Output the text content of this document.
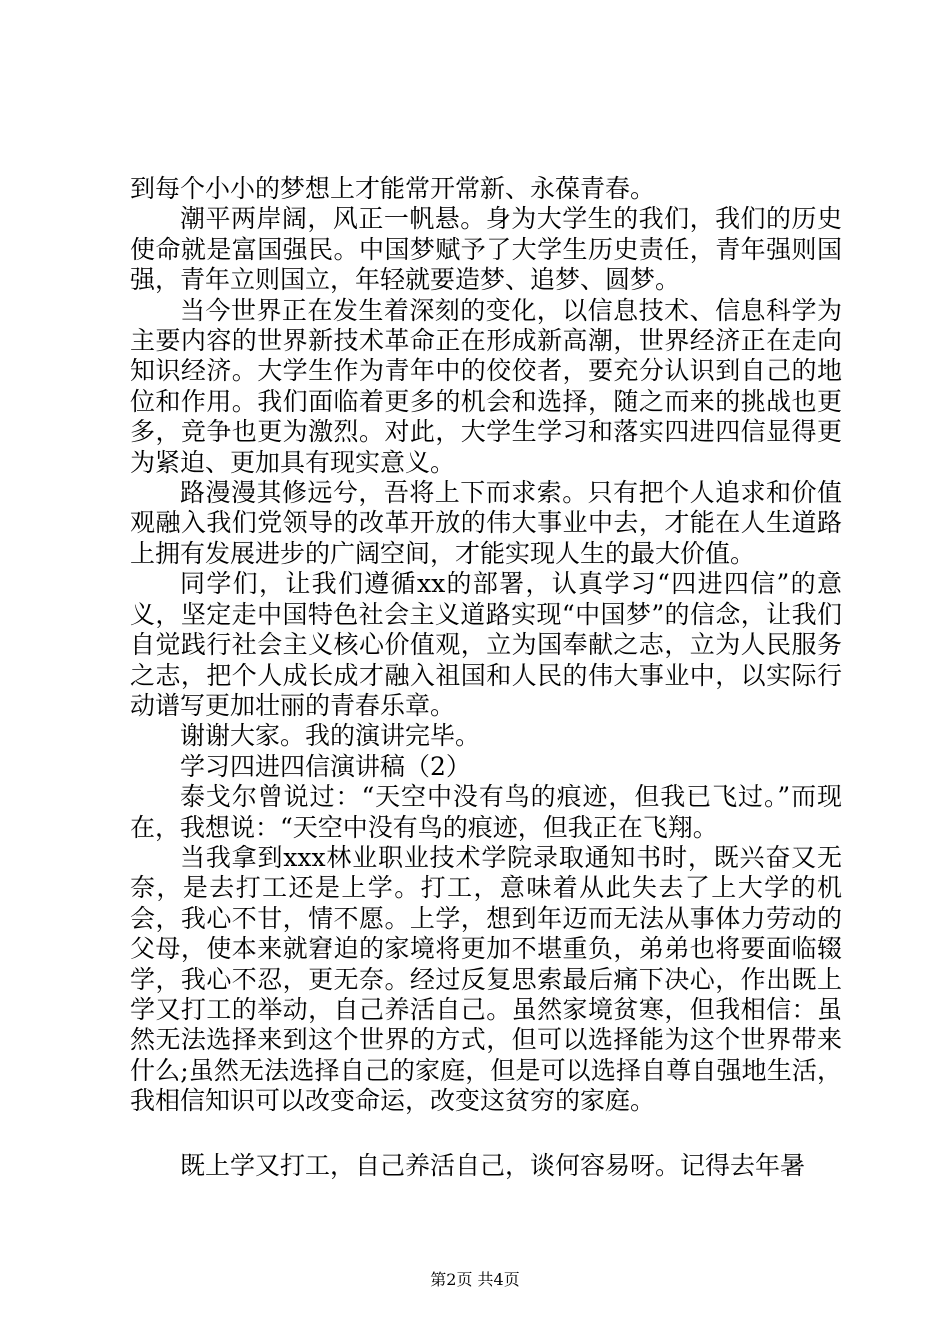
到每个小小的梦想上才能常开常新、永葆青春。

潮平两岸阔，风正一帆悬。身为大学生的我们，我们的历史使命就是富国强民。中国梦赋予了大学生历史责任，青年强则国强，青年立则国立，年轻就要造梦、追梦、圆梦。

当今世界正在发生着深刻的变化，以信息技术、信息科学为主要内容的世界新技术革命正在形成新高潮，世界经济正在走向知识经济。大学生作为青年中的佼佼者，要充分认识到自己的地位和作用。我们面临着更多的机会和选择，随之而来的挑战也更多，竞争也更为激烈。对此，大学生学习和落实四进四信显得更为紧迫、更加具有现实意义。

路漫漫其修远兮，吾将上下而求索。只有把个人追求和价值观融入我们党领导的改革开放的伟大事业中去，才能在人生道路上拥有发展进步的广阔空间，才能实现人生的最大价值。

同学们，让我们遵循xx的部署，认真学习“四进四信”的意义，坚定走中国特色社会主义道路实现“中国梦”的信念，让我们自觉践行社会主义核心价值观，立为国奉献之志，立为人民服务之志，把个人成长成才融入祖国和人民的伟大事业中，以实际行动谱写更加壮丽的青春乐章。

谢谢大家。我的演讲完毕。

学习四进四信演讲稿（2）

泰戈尔曾说过：“天空中没有鸟的痕迹，但我已飞过。”而现在，我想说：“天空中没有鸟的痕迹，但我正在飞翔。

当我拿到xxx林业职业技术学院录取通知书时，既兴奋又无奈，是去打工还是上学。打工，意味着从此失去了上大学的机会，我心不甘，情不愿。上学，想到年迈而无法从事体力劳动的父母，使本来就窘迫的家境将更加不堪重负，弟弟也将要面临辍学，我心不忍，更无奈。经过反复思索最后痛下决心，作出既上学又打工的举动，自己养活自己。虽然家境贫寒，但我相信：虽然无法选择来到这个世界的方式，但可以选择能为这个世界带来什么;虽然无法选择自己的家庭，但是可以选择自尊自强地生活，我相信知识可以改变命运，改变这贫穷的家庭。

既上学又打工，自己养活自己，谈何容易呀。记得去年暑

第2页 共4页
